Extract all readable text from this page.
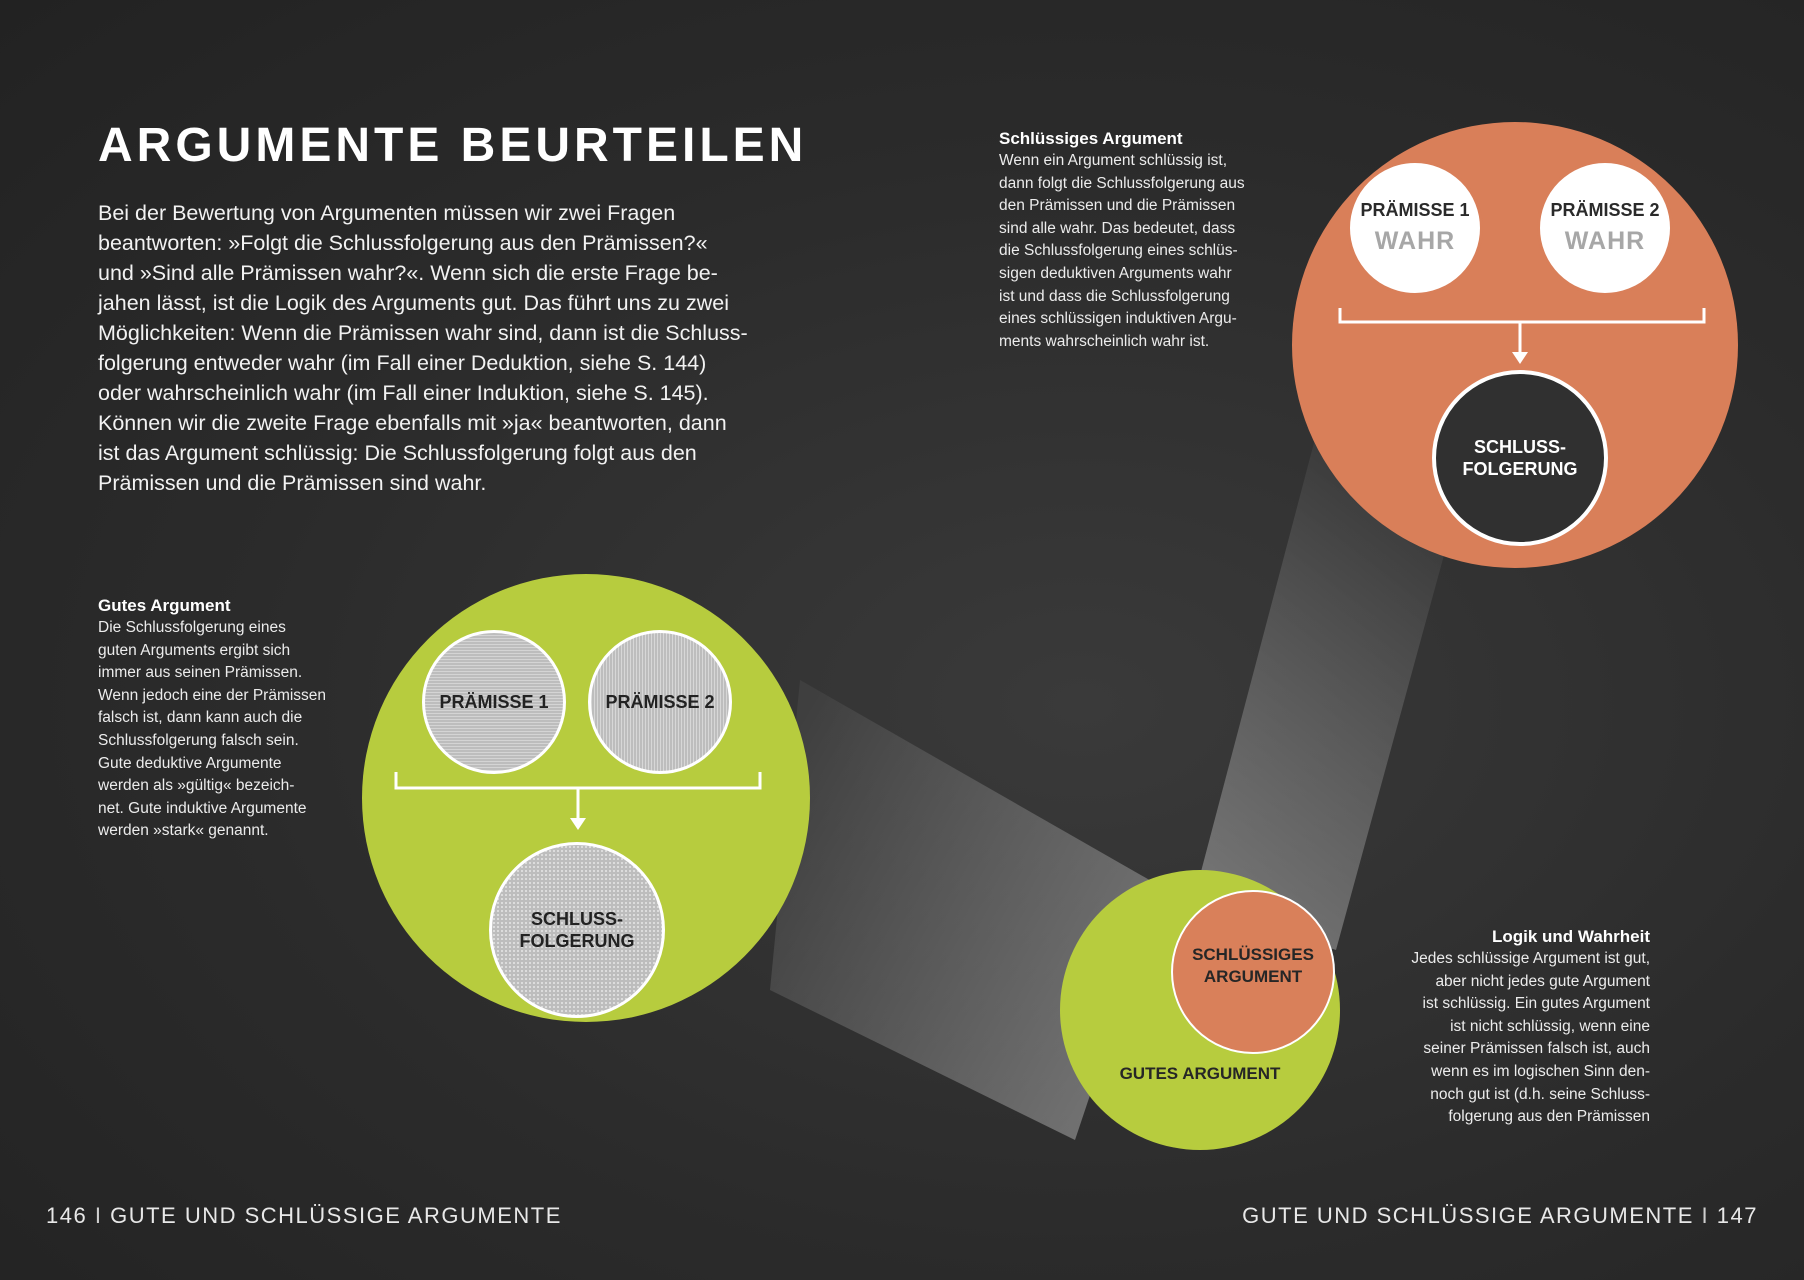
ARGUMENTE BEURTEILEN
Bei der Bewertung von Argumenten müssen wir zwei Fragen
beantworten: »Folgt die Schlussfolgerung aus den Prämissen?«
und »Sind alle Prämissen wahr?«. Wenn sich die erste Frage be-
jahen lässt, ist die Logik des Arguments gut. Das führt uns zu zwei
Möglichkeiten: Wenn die Prämissen wahr sind, dann ist die Schluss-
folgerung entweder wahr (im Fall einer Deduktion, siehe S. 144)
oder wahrscheinlich wahr (im Fall einer Induktion, siehe S. 145).
Können wir die zweite Frage ebenfalls mit »ja« beantworten, dann
ist das Argument schlüssig: Die Schlussfolgerung folgt aus den
Prämissen und die Prämissen sind wahr.
Schlüssiges Argument
Wenn ein Argument schlüssig ist,
dann folgt die Schlussfolgerung aus
den Prämissen und die Prämissen
sind alle wahr. Das bedeutet, dass
die Schlussfolgerung eines schlüs-
sigen deduktiven Arguments wahr
ist und dass die Schlussfolgerung
eines schlüssigen induktiven Argu-
ments wahrscheinlich wahr ist.
Gutes Argument
Die Schlussfolgerung eines
guten Arguments ergibt sich
immer aus seinen Prämissen.
Wenn jedoch eine der Prämissen
falsch ist, dann kann auch die
Schlussfolgerung falsch sein.
Gute deduktive Argumente
werden als »gültig« bezeich-
net. Gute induktive Argumente
werden »stark« genannt.
Logik und Wahrheit
Jedes schlüssige Argument ist gut,
aber nicht jedes gute Argument
ist schlüssig. Ein gutes Argument
ist nicht schlüssig, wenn eine
seiner Prämissen falsch ist, auch
wenn es im logischen Sinn den-
noch gut ist (d.h. seine Schluss-
folgerung aus den Prämissen
PRÄMISSE 1	PRÄMISSE 2
SCHLUSS-
FOLGERUNG
PRÄMISSE 1
WAHR
PRÄMISSE 2
WAHR
SCHLUSS-
FOLGERUNG
GUTES ARGUMENT
SCHLÜSSIGES
ARGUMENT
146 I GUTE UND SCHLÜSSIGE ARGUMENTE	GUTE UND SCHLÜSSIGE ARGUMENTE I 147
